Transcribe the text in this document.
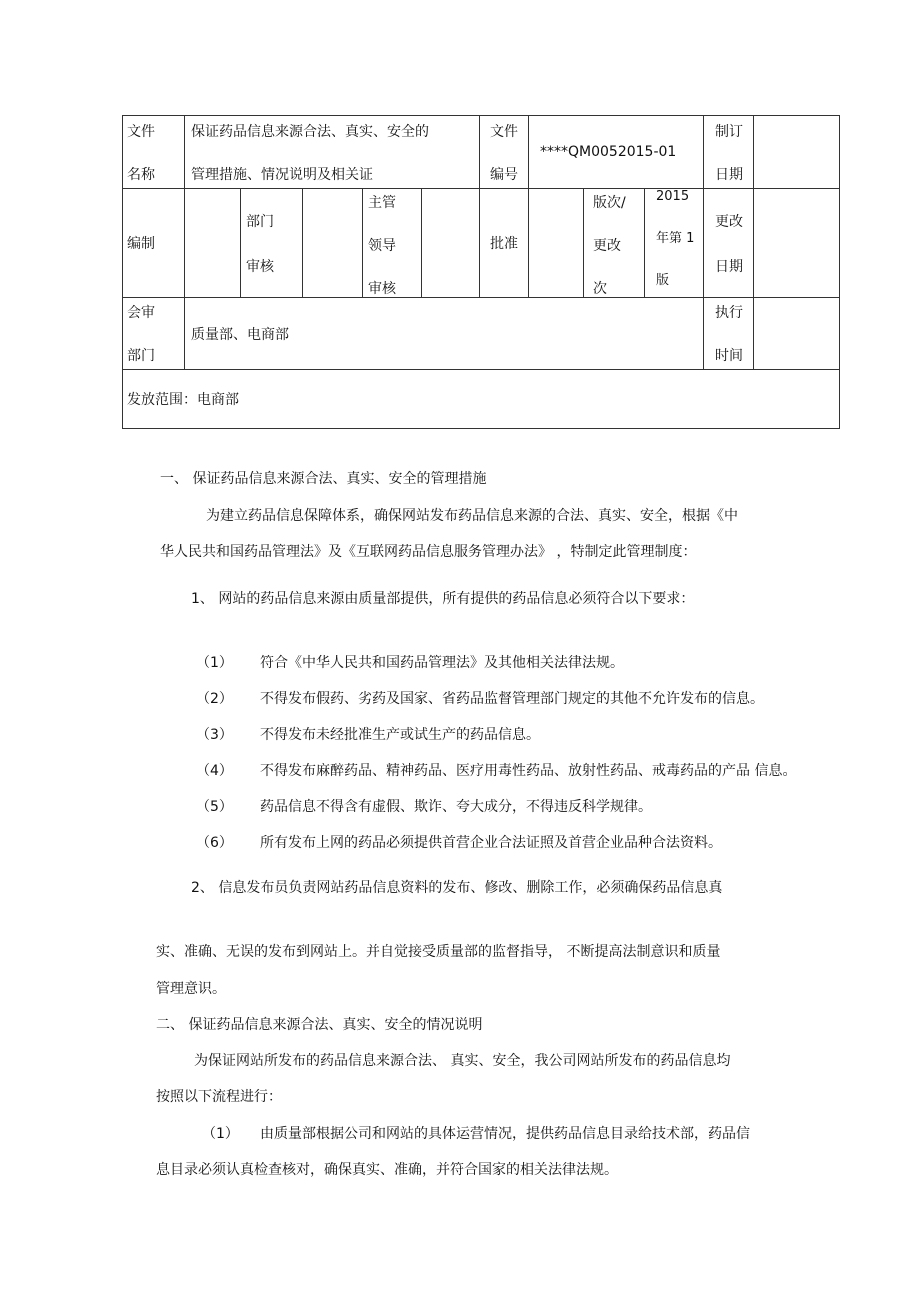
文件
名称
保证药品信息来源合法、真实、安全的
管理措施、情况说明及相关证
文件
编号
****QM0052015-01
制订
日期
编制
部门
审核
主管
领导
审核
批准
版次/
更改
次
2015
年第 1
版
更改
日期
会审
部门
质量部、电商部
执行
时间
发放范围：电商部
一、 保证药品信息来源合法、真实、安全的管理措施
为建立药品信息保障体系，确保网站发布药品信息来源的合法、真实、安全，根据《中
华人民共和国药品管理法》及《互联网药品信息服务管理办法》 ，特制定此管理制度：
1、 网站的药品信息来源由质量部提供，所有提供的药品信息必须符合以下要求：
（1） 符合《中华人民共和国药品管理法》及其他相关法律法规。
（2） 不得发布假药、劣药及国家、省药品监督管理部门规定的其他不允许发布的信息。
（3） 不得发布未经批准生产或试生产的药品信息。
（4） 不得发布麻醉药品、精神药品、医疗用毒性药品、放射性药品、戒毒药品的产品 信息。
（5） 药品信息不得含有虚假、欺诈、夸大成分，不得违反科学规律。
（6） 所有发布上网的药品必须提供首营企业合法证照及首营企业品种合法资料。
2、 信息发布员负责网站药品信息资料的发布、修改、删除工作，必须确保药品信息真
实、准确、无误的发布到网站上。并自觉接受质量部的监督指导， 不断提高法制意识和质量
管理意识。
二、 保证药品信息来源合法、真实、安全的情况说明
为保证网站所发布的药品信息来源合法、 真实、安全，我公司网站所发布的药品信息均
按照以下流程进行：
（1） 由质量部根据公司和网站的具体运营情况，提供药品信息目录给技术部，药品信
息目录必须认真检查核对，确保真实、准确，并符合国家的相关法律法规。
